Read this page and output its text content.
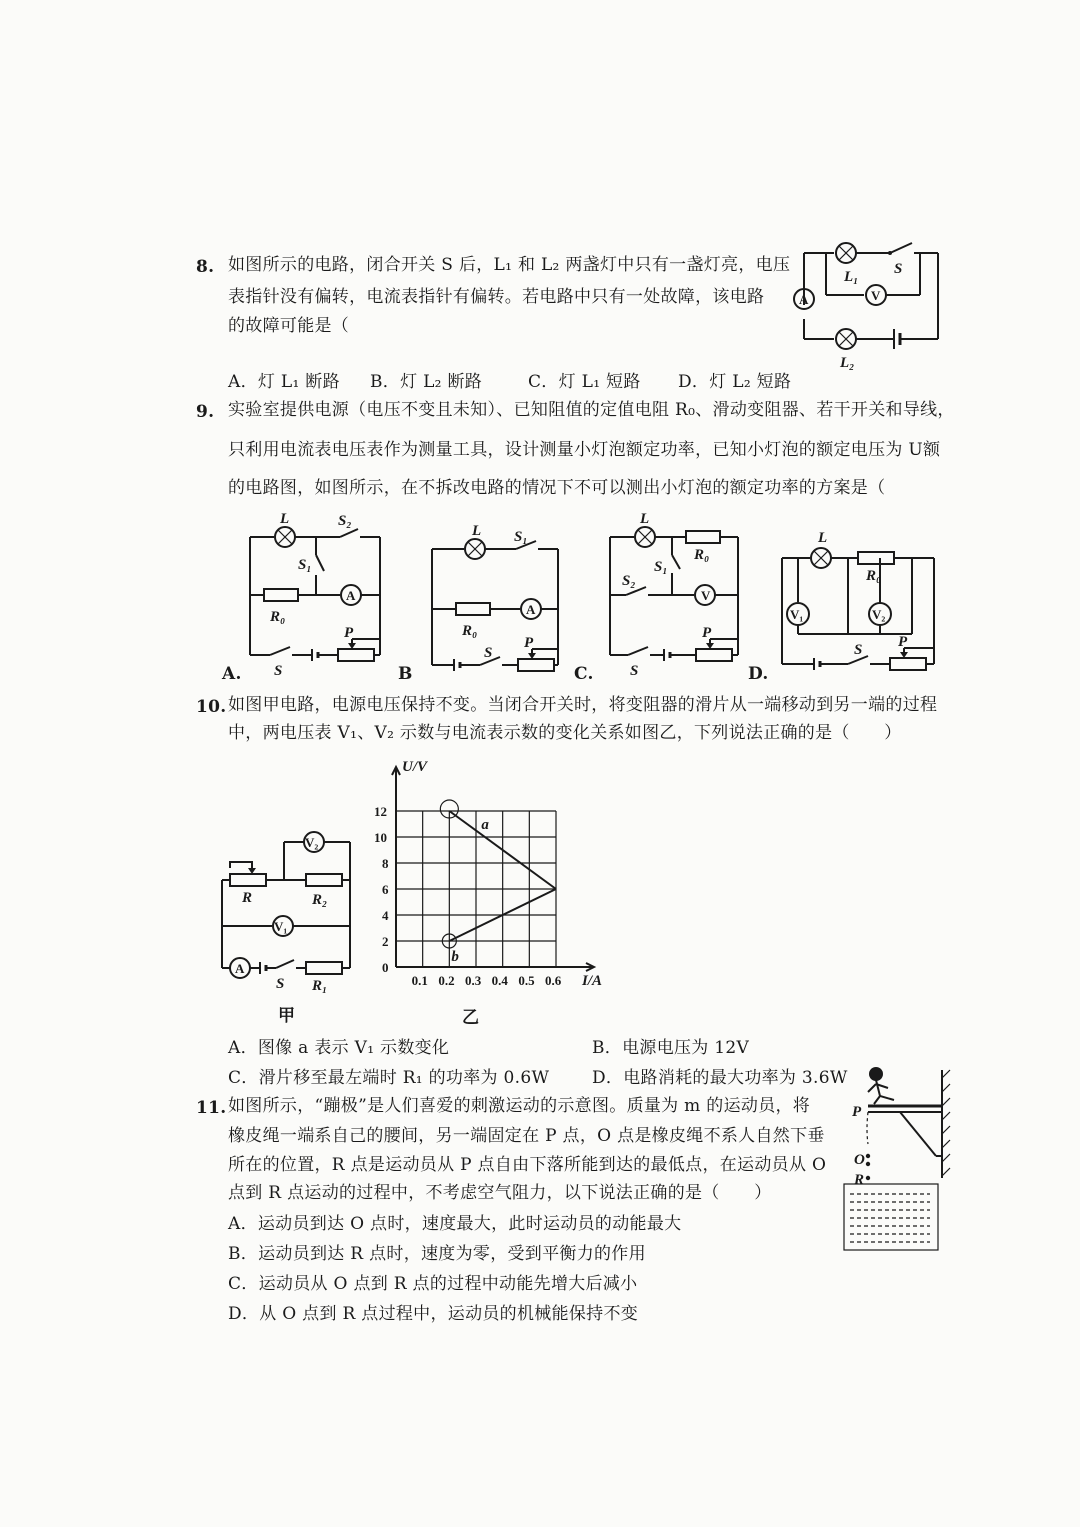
8. 如图所示的电路，闭合开关 S 后，L₁ 和 L₂ 两盏灯中只有一盏灯亮，电压
表指针没有偏转，电流表指针有偏转。若电路中只有一处故障，该电路
的故障可能是（
A．灯 L₁ 断路 B．灯 L₂ 断路	C．灯 L₁ 短路 D．灯 L₂ 短路
A	V
L₁ S
L₂
9. 实验室提供电源（电压不变且未知）、已知阻值的定值电阻 R₀、滑动变阻器、若干开关和导线，
只利用电流表电压表作为测量工具，设计测量小灯泡额定功率，已知小灯泡的额定电压为 U额
的电路图，如图所示，在不拆改电路的情况下不可以测出小灯泡的额定功率的方案是（
L	S₂
S₁
R₀
A
P
S
A.
L S₁
R₀
A
S
P
B
L
R₀
S₁
S₂
V
P
S
C.
L
R₀
V₁	V₂
S P
D.
10. 如图甲电路，电源电压保持不变。当闭合开关时，将变阻器的滑片从一端移动到另一端的过程
中，两电压表 V₁、V₂ 示数与电流表示数的变化关系如图乙，下列说法正确的是（　　）
V₂
R	R₂
V₁
A
S R₁
甲
0.1 0.2 0.3 0.4 0.5 0.6
0
2
4
6
8
10
12
I/A
U/V
a
b
乙
A．图像 a 表示 V₁ 示数变化	B．电源电压为 12V
C．滑片移至最左端时 R₁ 的功率为 0.6W	D．电路消耗的最大功率为 3.6W
11. 如图所示，“蹦极”是人们喜爱的刺激运动的示意图。质量为 m 的运动员，将
橡皮绳一端系自己的腰间，另一端固定在 P 点，O 点是橡皮绳不系人自然下垂
所在的位置，R 点是运动员从 P 点自由下落所能到达的最低点，在运动员从 O
点到 R 点运动的过程中，不考虑空气阻力，以下说法正确的是（　　）
A．运动员到达 O 点时，速度最大，此时运动员的动能最大
B．运动员到达 R 点时，速度为零，受到平衡力的作用
C．运动员从 O 点到 R 点的过程中动能先增大后减小
D．从 O 点到 R 点过程中，运动员的机械能保持不变
P
O
R
